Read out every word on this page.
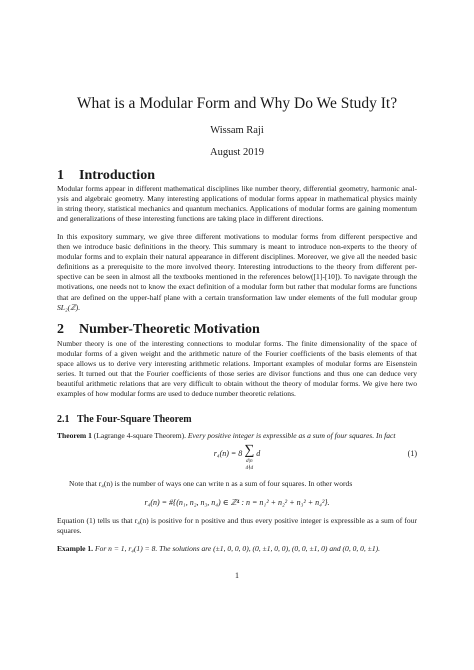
What is a Modular Form and Why Do We Study It?
Wissam Raji
August 2019
1 Introduction
Modular forms appear in different mathematical disciplines like number theory, differential geometry, harmonic anal-
ysis and algebraic geometry. Many interesting applications of modular forms appear in mathematical physics mainly
in string theory, statistical mechanics and quantum mechanics. Applications of modular forms are gaining momentum
and generalizations of these interesting functions are taking place in different directions.
In this expository summary, we give three different motivations to modular forms from different perspective and
then we introduce basic definitions in the theory. This summary is meant to introduce non-experts to the theory of
modular forms and to explain their natural appearance in different disciplines. Moreover, we give all the needed basic
definitions as a prerequisite to the more involved theory. Interesting introductions to the theory from different per-
spective can be seen in almost all the textbooks mentioned in the references below([1]-[10]). To navigate through the
motivations, one needs not to know the exact definition of a modular form but rather that modular forms are functions
that are defined on the upper-half plane with a certain transformation law under elements of the full modular group
SL₂(ℤ).
2 Number-Theoretic Motivation
Number theory is one of the interesting connections to modular forms. The finite dimensionality of the space of
modular forms of a given weight and the arithmetic nature of the Fourier coefficients of the basis elements of that
space allows us to derive very interesting arithmetic relations. Important examples of modular forms are Eisenstein
series. It turned out that the Fourier coefficients of those series are divisor functions and thus one can deduce very
beautiful arithmetic relations that are very difficult to obtain without the theory of modular forms. We give here two
examples of how modular forms are used to deduce number theoretic relations.
2.1 The Four-Square Theorem
Theorem 1 (Lagrange 4-square Theorem). Every positive integer is expressible as a sum of four squares. In fact
r₄(n) = 8 ∑
d|n
4∤d
d	(1)
Note that r₄(n) is the number of ways one can write n as a sum of four squares. In other words
r₄(n) = #{(n₁, n₂, n₃, n₄) ∈ ℤ⁴ : n = n₁² + n₂² + n₃² + n₄²}.
Equation (1) tells us that r₄(n) is positive for n positive and thus every positive integer is expressible as a sum of four
squares.
Example 1. For n = 1, r₄(1) = 8. The solutions are (±1, 0, 0, 0), (0, ±1, 0, 0), (0, 0, ±1, 0) and (0, 0, 0, ±1).
1
